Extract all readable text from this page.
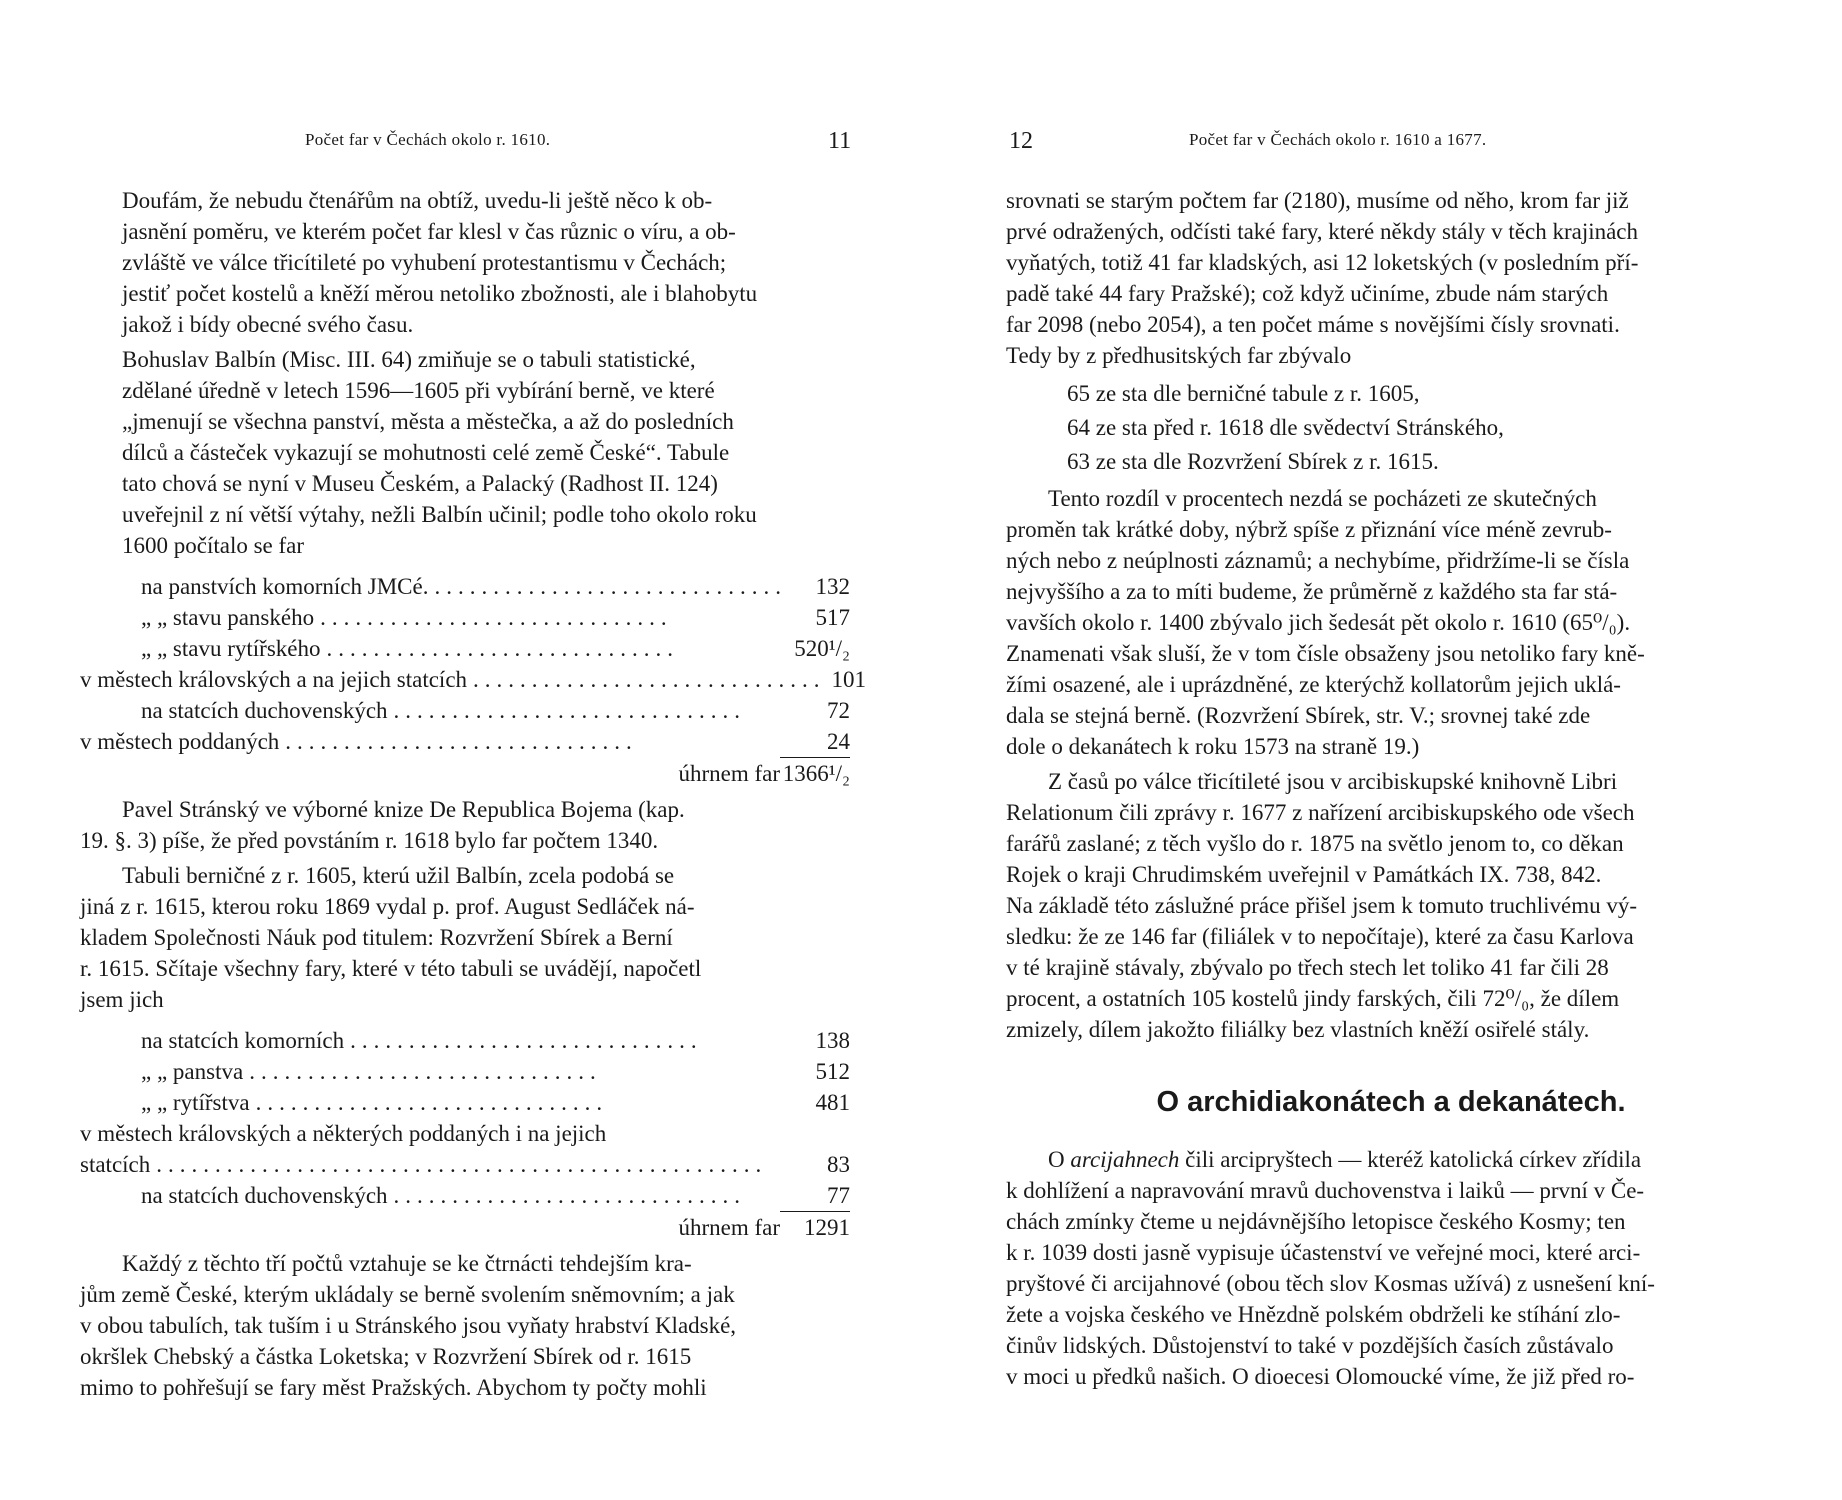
Počet far v Čechách okolo r. 1610.	11

Doufám, že nebudu čtenářům na obtíž, uvedu-li ještě něco k ob-
jasnění poměru, ve kterém počet far klesl v čas různic o víru, a ob-
zvláště ve válce třicítileté po vyhubení protestantismu v Čechách;
jestiť počet kostelů a kněží měrou netoliko zbožnosti, ale i blahobytu
jakož i bídy obecné svého času.

Bohuslav Balbín (Misc. III. 64) zmiňuje se o tabuli statistické,
zdělané úředně v letech 1596—1605 při vybírání berně, ve které
„jmenují se všechna panství, města a městečka, a až do posledních
dílců a částeček vykazují se mohutnosti celé země České“. Tabule
tato chová se nyní v Museu Českém, a Palacký (Radhost II. 124)
uveřejnil z ní větší výtahy, nežli Balbín učinil; podle toho okolo roku
1600 počítalo se far

na panstvích komorních JMCé. ..............................	132
„ „ stavu panského ..............................	517
„ „ stavu rytířského ..............................	520¹/₂
v městech královských a na jejich statcích .............................. 101
na statcích duchovenských ..............................	72
v městech poddaných ..............................	24
úhrnem far 1366¹/₂

Pavel Stránský ve výborné knize De Republica Bojema (kap.
19. §. 3) píše, že před povstáním r. 1618 bylo far počtem 1340.

Tabuli berničné z r. 1605, kterú užil Balbín, zcela podobá se
jiná z r. 1615, kterou roku 1869 vydal p. prof. August Sedláček ná-
kladem Společnosti Náuk pod titulem: Rozvržení Sbírek a Berní
r. 1615. Sčítaje všechny fary, které v této tabuli se uvádějí, napočetl
jsem jich

na statcích komorních ..............................	138
„ „ panstva ..............................	512
„ „ rytířstva ..............................	481
v městech královských a některých poddaných i na jejich
statcích ....................................................	83
na statcích duchovenských ..............................	77
úhrnem far	1291

Každý z těchto tří počtů vztahuje se ke čtrnácti tehdejším kra-
jům země České, kterým ukládaly se berně svolením sněmovním; a jak
v obou tabulích, tak tuším i u Stránského jsou vyňaty hrabství Kladské,
okršlek Chebský a částka Loketska; v Rozvržení Sbírek od r. 1615
mimo to pohřešují se fary měst Pražských. Abychom ty počty mohli

12	Počet far v Čechách okolo r. 1610 a 1677.

srovnati se starým počtem far (2180), musíme od něho, krom far již
prvé odražených, odčísti také fary, které někdy stály v těch krajinách
vyňatých, totiž 41 far kladských, asi 12 loketských (v posledním pří-
padě také 44 fary Pražské); což když učiníme, zbude nám starých
far 2098 (nebo 2054), a ten počet máme s novějšími čísly srovnati.
Tedy by z předhusitských far zbývalo

65 ze sta dle berničné tabule z r. 1605,
64 ze sta před r. 1618 dle svědectví Stránského,
63 ze sta dle Rozvržení Sbírek z r. 1615.

Tento rozdíl v procentech nezdá se pocházeti ze skutečných
proměn tak krátké doby, nýbrž spíše z přiznání více méně zevrub-
ných nebo z neúplnosti záznamů; a nechybíme, přidržíme-li se čísla
nejvyššího a za to míti budeme, že průměrně z každého sta far stá-
vavších okolo r. 1400 zbývalo jich šedesát pět okolo r. 1610 (65⁰/₀).
Znamenati však sluší, že v tom čísle obsaženy jsou netoliko fary kně-
žími osazené, ale i uprázdněné, ze kterýchž kollatorům jejich uklá-
dala se stejná berně. (Rozvržení Sbírek, str. V.; srovnej také zde
dole o dekanátech k roku 1573 na straně 19.)

Z časů po válce třicítileté jsou v arcibiskupské knihovně Libri
Relationum čili zprávy r. 1677 z nařízení arcibiskupského ode všech
farářů zaslané; z těch vyšlo do r. 1875 na světlo jenom to, co děkan
Rojek o kraji Chrudimském uveřejnil v Památkách IX. 738, 842.
Na základě této záslužné práce přišel jsem k tomuto truchlivému vý-
sledku: že ze 146 far (filiálek v to nepočítaje), které za času Karlova
v té krajině stávaly, zbývalo po třech stech let toliko 41 far čili 28
procent, a ostatních 105 kostelů jindy farských, čili 72⁰/₀, že dílem
zmizely, dílem jakožto filiálky bez vlastních kněží osiřelé stály.

O archidiakonátech a dekanátech.

O arcijahnech čili arcipryštech — kteréž katolická církev zřídila
k dohlížení a napravování mravů duchovenstva i laiků — první v Če-
chách zmínky čteme u nejdávnějšího letopisce českého Kosmy; ten
k r. 1039 dosti jasně vypisuje účastenství ve veřejné moci, které arci-
pryštové či arcijahnové (obou těch slov Kosmas užívá) z usnešení kní-
žete a vojska českého ve Hnězdně polském obdrželi ke stíhání zlo-
činův lidských. Důstojenství to také v pozdějších časích zůstávalo
v moci u předků našich. O dioecesi Olomoucké víme, že již před ro-
